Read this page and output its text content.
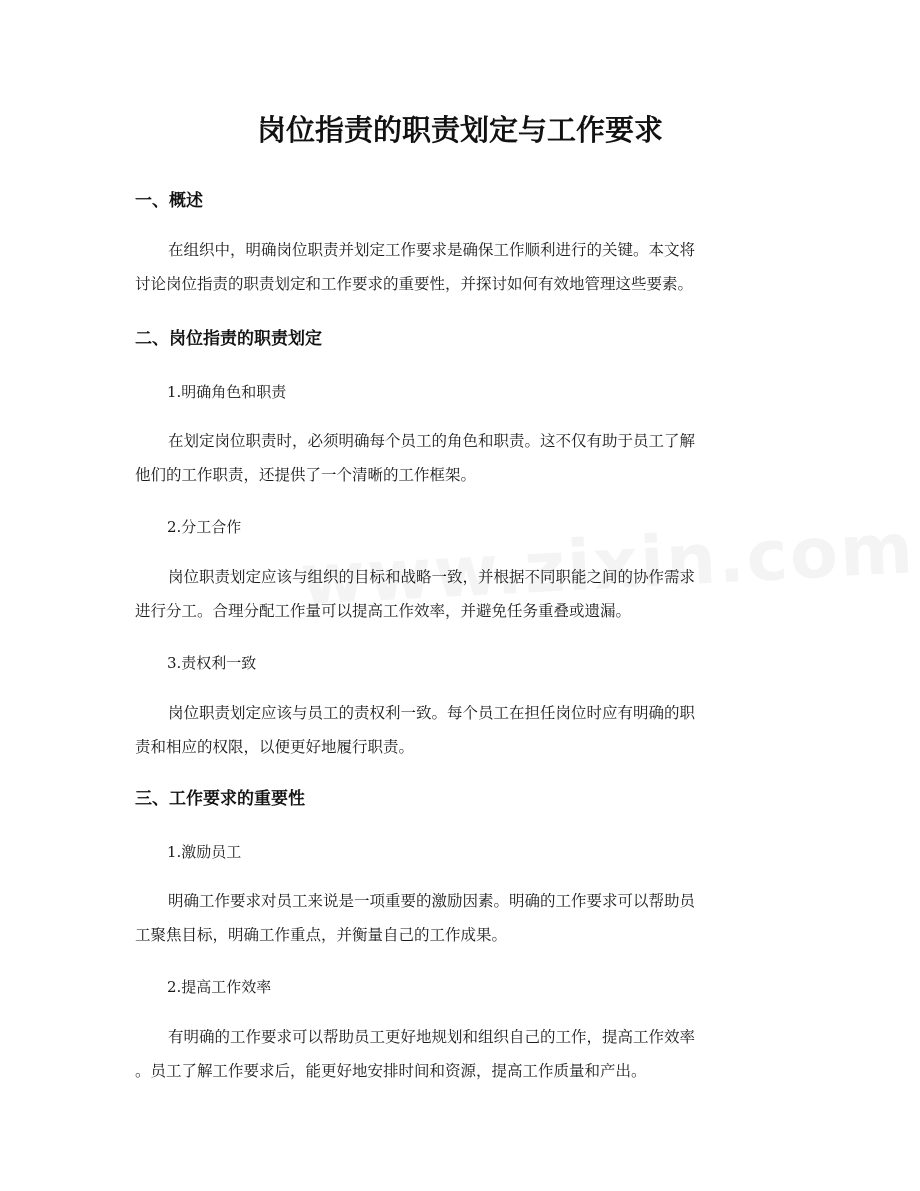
岗位指责的职责划定与工作要求
一、概述

在组织中，明确岗位职责并划定工作要求是确保工作顺利进行的关键。本文将
讨论岗位指责的职责划定和工作要求的重要性，并探讨如何有效地管理这些要素。

二、岗位指责的职责划定

1.明确角色和职责

在划定岗位职责时，必须明确每个员工的角色和职责。这不仅有助于员工了解
他们的工作职责，还提供了一个清晰的工作框架。

2.分工合作

岗位职责划定应该与组织的目标和战略一致，并根据不同职能之间的协作需求
进行分工。合理分配工作量可以提高工作效率，并避免任务重叠或遗漏。

3.责权利一致

岗位职责划定应该与员工的责权利一致。每个员工在担任岗位时应有明确的职
责和相应的权限，以便更好地履行职责。

三、工作要求的重要性

1.激励员工

明确工作要求对员工来说是一项重要的激励因素。明确的工作要求可以帮助员
工聚焦目标，明确工作重点，并衡量自己的工作成果。

2.提高工作效率

有明确的工作要求可以帮助员工更好地规划和组织自己的工作，提高工作效率
。员工了解工作要求后，能更好地安排时间和资源，提高工作质量和产出。
